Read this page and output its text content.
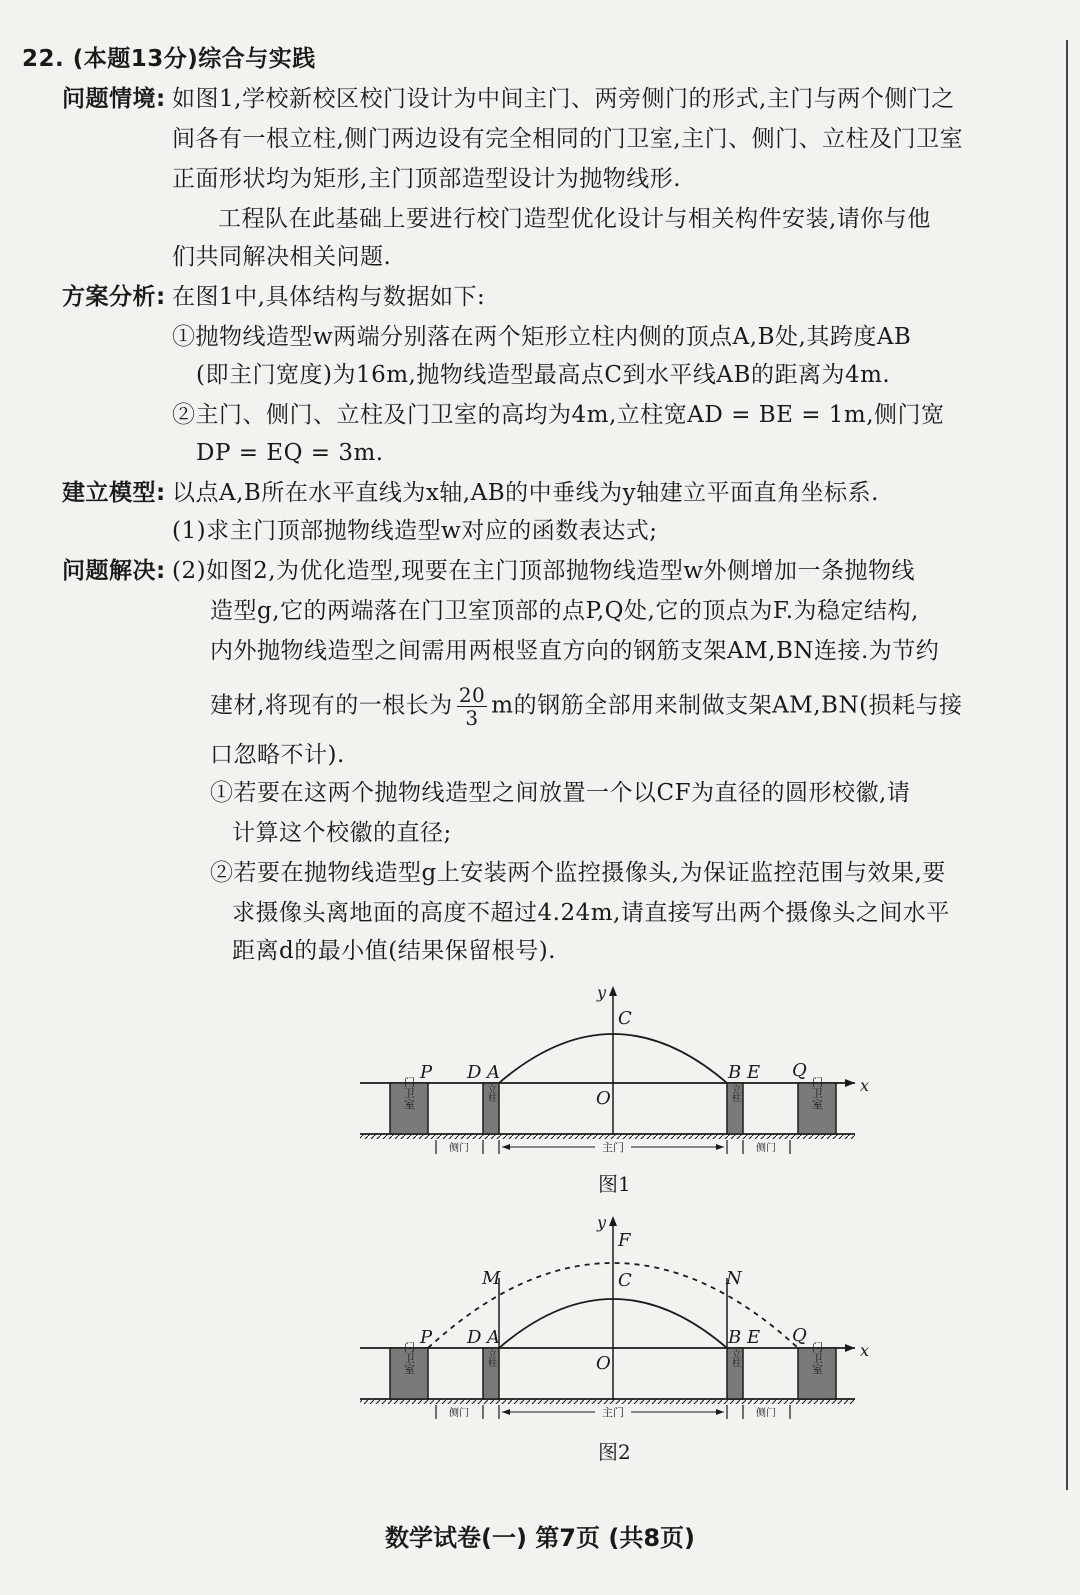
22. (本题13分)综合与实践
问题情境: 如图1,学校新校区校门设计为中间主门、两旁侧门的形式,主门与两个侧门之
间各有一根立柱,侧门两边设有完全相同的门卫室,主门、侧门、立柱及门卫室
正面形状均为矩形,主门顶部造型设计为抛物线形.
工程队在此基础上要进行校门造型优化设计与相关构件安装,请你与他
们共同解决相关问题.
方案分析: 在图1中,具体结构与数据如下:
①抛物线造型w两端分别落在两个矩形立柱内侧的顶点A,B处,其跨度AB
(即主门宽度)为16m,抛物线造型最高点C到水平线AB的距离为4m.
②主门、侧门、立柱及门卫室的高均为4m,立柱宽AD = BE = 1m,侧门宽
DP = EQ = 3m.
建立模型: 以点A,B所在水平直线为x轴,AB的中垂线为y轴建立平面直角坐标系.
(1)求主门顶部抛物线造型w对应的函数表达式;
问题解决: (2)如图2,为优化造型,现要在主门顶部抛物线造型w外侧增加一条抛物线
造型g,它的两端落在门卫室顶部的点P,Q处,它的顶点为F.为稳定结构,
内外抛物线造型之间需用两根竖直方向的钢筋支架AM,BN连接.为节约
建材,将现有的一根长为 $\frac{20}{3}$ m的钢筋全部用来制做支架AM,BN(损耗与接
口忽略不计).
①若要在这两个抛物线造型之间放置一个以CF为直径的圆形校徽,请
计算这个校徽的直径;
②若要在抛物线造型g上安装两个监控摄像头,为保证监控范围与效果,要
求摄像头离地面的高度不超过4.24m,请直接写出两个摄像头之间水平
距离d的最小值(结果保留根号).
门卫室	门卫室
立柱	立柱
侧门	主门	侧门
P D A
C
O
B E Q
x
y
图1
门卫室	门卫室
立柱	立柱
侧门	主门	侧门
P D A
C
F
M	N
O
B E Q
x
y
图2
数学试卷(一) 第7页 (共8页)
